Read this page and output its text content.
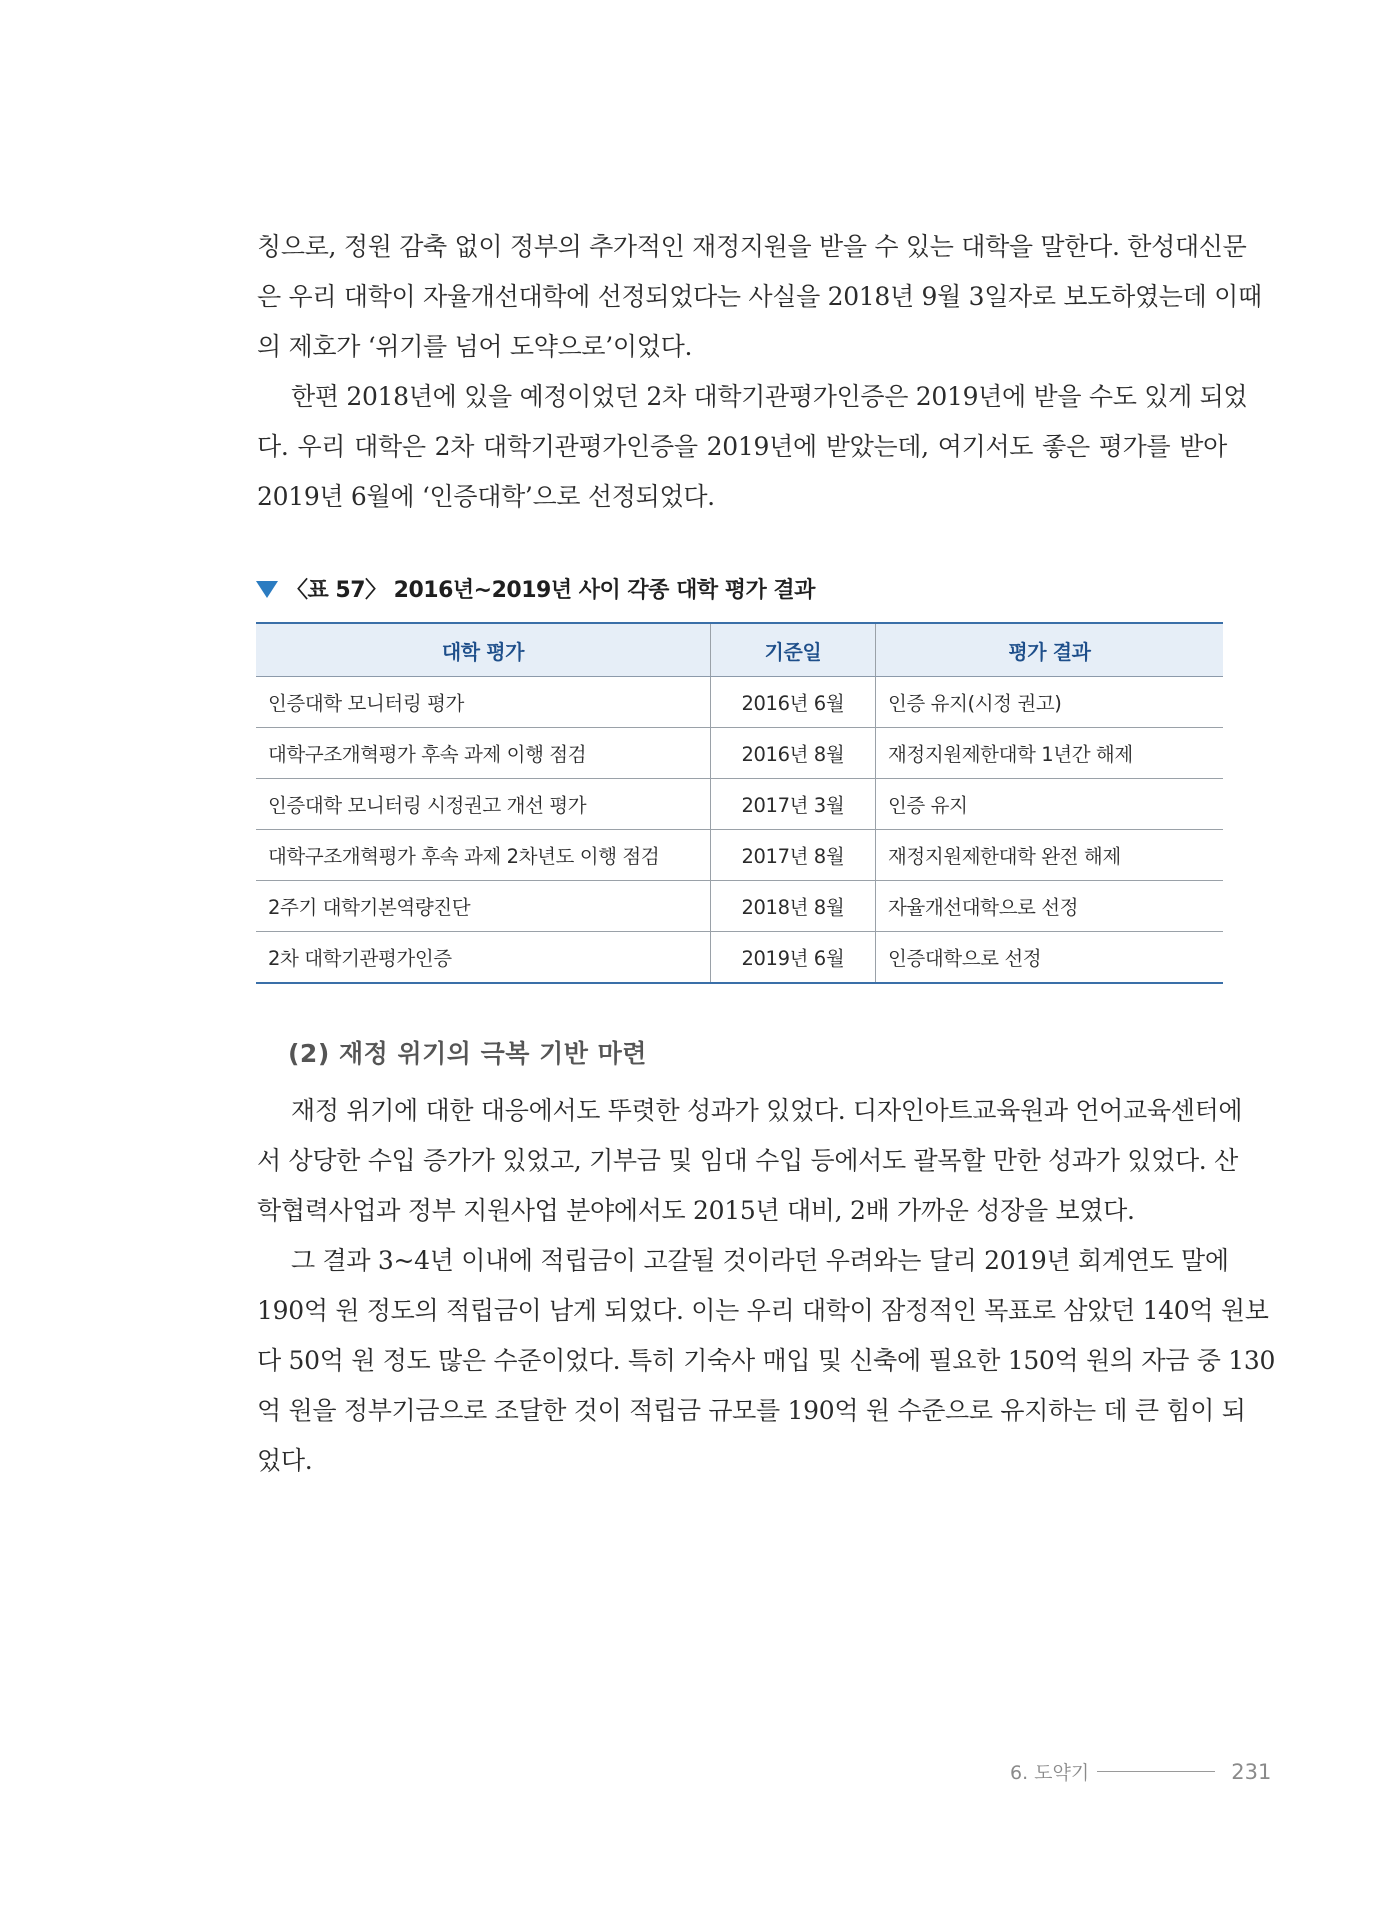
칭으로, 정원 감축 없이 정부의 추가적인 재정지원을 받을 수 있는 대학을 말한다. 한성대신문
은 우리 대학이 자율개선대학에 선정되었다는 사실을 2018년 9월 3일자로 보도하였는데 이때
의 제호가 ‘위기를 넘어 도약으로’이었다.
한편 2018년에 있을 예정이었던 2차 대학기관평가인증은 2019년에 받을 수도 있게 되었
다. 우리 대학은 2차 대학기관평가인증을 2019년에 받았는데, 여기서도 좋은 평가를 받아
2019년 6월에 ‘인증대학’으로 선정되었다.
〈표 57〉 2016년~2019년 사이 각종 대학 평가 결과
대학 평가	기준일	평가 결과
인증대학 모니터링 평가	2016년 6월	인증 유지(시정 권고)
대학구조개혁평가 후속 과제 이행 점검	2016년 8월	재정지원제한대학 1년간 해제
인증대학 모니터링 시정권고 개선 평가	2017년 3월	인증 유지
대학구조개혁평가 후속 과제 2차년도 이행 점검	2017년 8월	재정지원제한대학 완전 해제
2주기 대학기본역량진단	2018년 8월	자율개선대학으로 선정
2차 대학기관평가인증	2019년 6월	인증대학으로 선정
(2) 재정 위기의 극복 기반 마련
재정 위기에 대한 대응에서도 뚜렷한 성과가 있었다. 디자인아트교육원과 언어교육센터에
서 상당한 수입 증가가 있었고, 기부금 및 임대 수입 등에서도 괄목할 만한 성과가 있었다. 산
학협력사업과 정부 지원사업 분야에서도 2015년 대비, 2배 가까운 성장을 보였다.
그 결과 3~4년 이내에 적립금이 고갈될 것이라던 우려와는 달리 2019년 회계연도 말에
190억 원 정도의 적립금이 남게 되었다. 이는 우리 대학이 잠정적인 목표로 삼았던 140억 원보
다 50억 원 정도 많은 수준이었다. 특히 기숙사 매입 및 신축에 필요한 150억 원의 자금 중 130
억 원을 정부기금으로 조달한 것이 적립금 규모를 190억 원 수준으로 유지하는 데 큰 힘이 되
었다.
6. 도약기	231
